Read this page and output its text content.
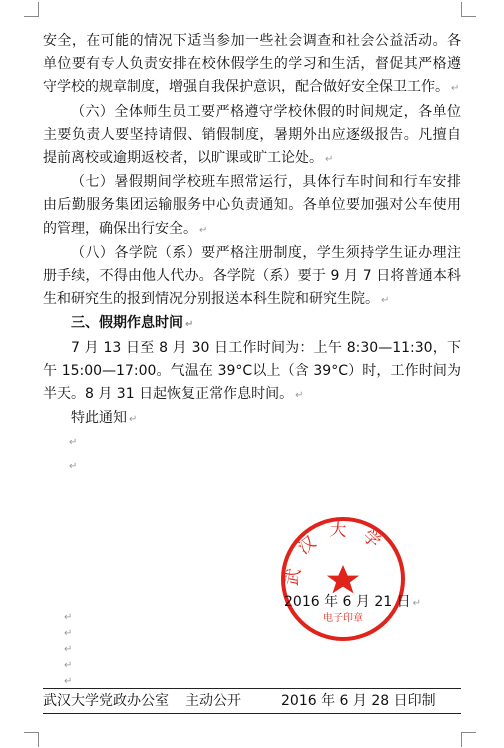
安全，在可能的情况下适当参加一些社会调查和社会公益活动。各单位要有专人负责安排在校休假学生的学习和生活，督促其严格遵守学校的规章制度，增强自我保护意识，配合做好安全保卫工作。 ↵

（六）全体师生员工要严格遵守学校休假的时间规定，各单位主要负责人要坚持请假、销假制度，暑期外出应逐级报告。凡擅自提前离校或逾期返校者，以旷课或旷工论处。 ↵

（七）暑假期间学校班车照常运行，具体行车时间和行车安排由后勤服务集团运输服务中心负责通知。各单位要加强对公车使用的管理，确保出行安全。 ↵

（八）各学院（系）要严格注册制度，学生须持学生证办理注册手续，不得由他人代办。各学院（系）要于 9 月 7 日将普通本科生和研究生的报到情况分别报送本科生院和研究生院。 ↵

三、假期作息时间 ↵

7 月 13 日至 8 月 30 日工作时间为：上午 8:30—11:30，下午 15:00—17:00。气温在 39°C以上（含 39°C）时，工作时间为半天。8 月 31 日起恢复正常作息时间。 ↵

特此通知 ↵

↵
↵
武汉大学
电子印章
2016 年 6 月 21 日 ↵
↵
↵
↵
↵
↵
武汉大学党政办公室 主动公开	2016 年 6 月 28 日印制
